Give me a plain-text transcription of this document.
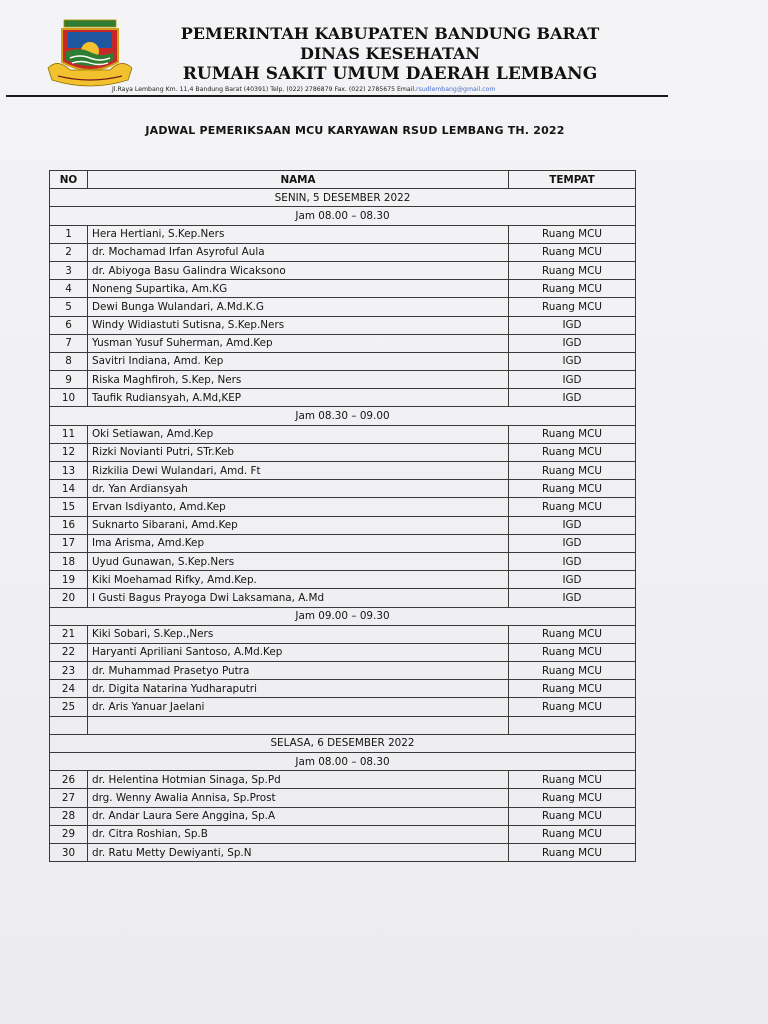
PEMERINTAH KABUPATEN BANDUNG BARAT
DINAS KESEHATAN
RUMAH SAKIT UMUM DAERAH LEMBANG
Jl.Raya Lembang Km. 11,4 Bandung Barat (40391) Telp. (022) 2786879 Fax. (022) 2785675 Email.rsudlembang@gmail.com
JADWAL PEMERIKSAAN MCU KARYAWAN RSUD LEMBANG TH. 2022
NO	NAMA	TEMPAT
SENIN, 5 DESEMBER 2022		
Jam 08.00 – 08.30		
1	Hera Hertiani, S.Kep.Ners	Ruang MCU
2	dr. Mochamad Irfan Asyroful Aula	Ruang MCU
3	dr. Abiyoga Basu Galindra Wicaksono	Ruang MCU
4	Noneng Supartika, Am.KG	Ruang MCU
5	Dewi Bunga Wulandari, A.Md.K.G	Ruang MCU
6	Windy Widiastuti Sutisna, S.Kep.Ners	IGD
7	Yusman Yusuf Suherman, Amd.Kep	IGD
8	Savitri Indiana, Amd. Kep	IGD
9	Riska Maghfiroh, S.Kep, Ners	IGD
10	Taufik Rudiansyah, A.Md,KEP	IGD
Jam 08.30 – 09.00		
11	Oki Setiawan, Amd.Kep	Ruang MCU
12	Rizki Novianti Putri, STr.Keb	Ruang MCU
13	Rizkilia Dewi Wulandari, Amd. Ft	Ruang MCU
14	dr. Yan Ardiansyah	Ruang MCU
15	Ervan Isdiyanto, Amd.Kep	Ruang MCU
16	Suknarto Sibarani, Amd.Kep	IGD
17	Ima Arisma, Amd.Kep	IGD
18	Uyud Gunawan, S.Kep.Ners	IGD
19	Kiki Moehamad Rifky, Amd.Kep.	IGD
20	I Gusti Bagus Prayoga Dwi Laksamana, A.Md	IGD
Jam 09.00 – 09.30		
21	Kiki Sobari, S.Kep.,Ners	Ruang MCU
22	Haryanti Apriliani Santoso, A.Md.Kep	Ruang MCU
23	dr. Muhammad Prasetyo Putra	Ruang MCU
24	dr. Digita Natarina Yudharaputri	Ruang MCU
25	dr. Aris Yanuar Jaelani	Ruang MCU

SELASA, 6 DESEMBER 2022		
Jam 08.00 – 08.30		
26	dr. Helentina Hotmian Sinaga, Sp.Pd	Ruang MCU
27	drg. Wenny Awalia Annisa, Sp.Prost	Ruang MCU
28	dr. Andar Laura Sere Anggina, Sp.A	Ruang MCU
29	dr. Citra Roshian, Sp.B	Ruang MCU
30	dr. Ratu Metty Dewiyanti, Sp.N	Ruang MCU
